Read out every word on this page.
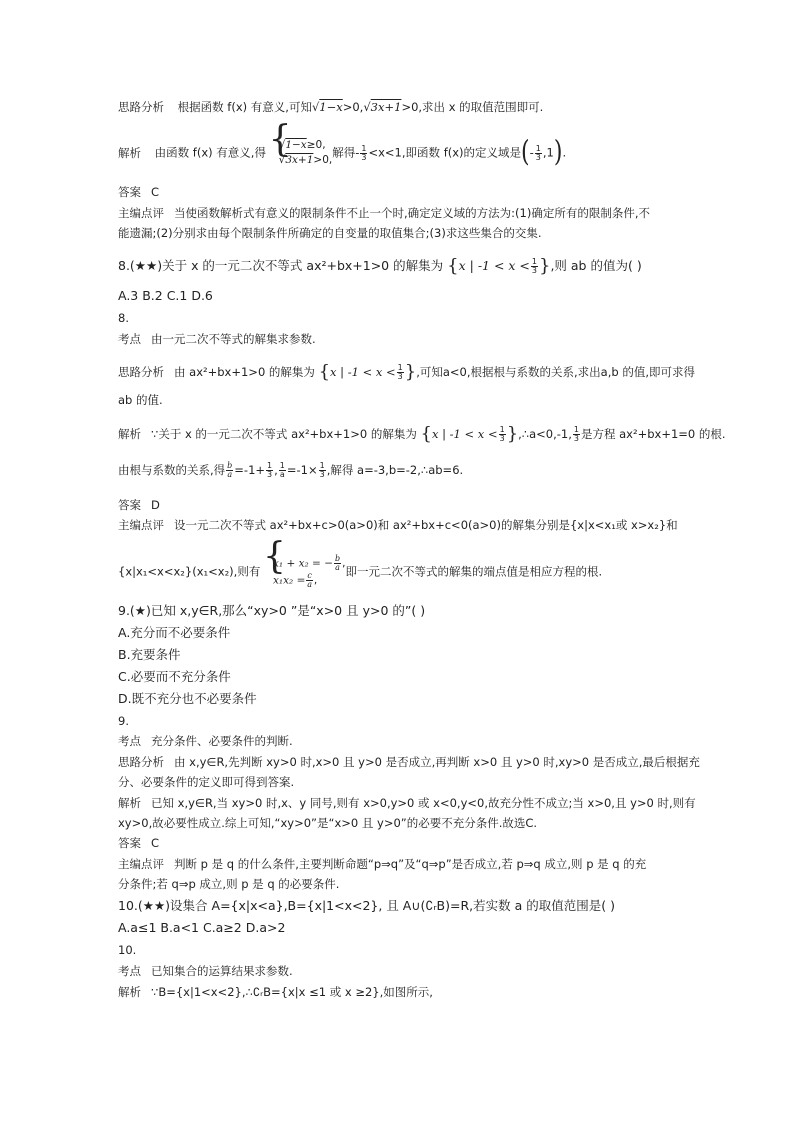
思路分析 根据函数 f(x) 有意义,可知√1−x>0,√3x+1>0,求出 x 的取值范围即可.
解析 由函数 f(x) 有意义,得
{ √1−x≥0,
√3x+1>0,
解得- $\frac{1}{3} <x<1$,即函数 f(x)的定义域是(- $\frac{1}{3} ,1$).
答案 C
主编点评 当使函数解析式有意义的限制条件不止一个时,确定定义域的方法为:(1)确定所有的限制条件,不
能遗漏;(2)分别求由每个限制条件所确定的自变量的取值集合;(3)求这些集合的交集.
8.(★★)关于 x 的一元二次不等式 ax²+bx+1>0 的解集为 {x | $-1 < x < \frac{1}{3}$ },则 ab 的值为( )
A.3 B.2 C.1 D.6
8.
考点 由一元二次不等式的解集求参数.
思路分析 由 ax²+bx+1>0 的解集为 {x | $-1 < x < \frac{1}{3}$ },可知a<0,根据根与系数的关系,求出a,b 的值,即可求得
ab 的值.
解析 ∵关于 x 的一元二次不等式 ax²+bx+1>0 的解集为 {x | $-1 < x < \frac{1}{3}$ },∴a<0,-1, $\frac{1}{3}$ 是方程 ax²+bx+1=0 的根.
由根与系数的关系,得 $\frac{b}{a} =-1+ \frac{1}{3}$ , $\frac{1}{a} =-1\times \frac{1}{3}$ ,解得 a=-3,b=-2,∴ab=6.
答案 D
主编点评 设一元二次不等式 ax²+bx+c>0(a>0)和 ax²+bx+c<0(a>0)的解集分别是{x|x<x₁或 x>x₂}和
{x|x₁<x<x₂}(x₁<x₂),则有
{ x₁ + x₂ = − $\frac{b}{a}$ ,
$x_1x_2 = \frac{c}{a}$ ,
即一元二次不等式的解集的端点值是相应方程的根.
9.(★)已知 x,y∈R,那么“xy>0 ”是“x>0 且 y>0 的”( )
A.充分而不必要条件
B.充要条件
C.必要而不充分条件
D.既不充分也不必要条件
9.
考点 充分条件、必要条件的判断.
思路分析 由 x,y∈R,先判断 xy>0 时,x>0 且 y>0 是否成立,再判断 x>0 且 y>0 时,xy>0 是否成立,最后根据充
分、必要条件的定义即可得到答案.
解析 已知 x,y∈R,当 xy>0 时,x、y 同号,则有 x>0,y>0 或 x<0,y<0,故充分性不成立;当 x>0,且 y>0 时,则有
xy>0,故必要性成立.综上可知,“xy>0”是“x>0 且 y>0”的必要不充分条件.故选C.
答案 C
主编点评 判断 p 是 q 的什么条件,主要判断命题“p⇒q”及“q⇒p”是否成立,若 p⇒q 成立,则 p 是 q 的充
分条件;若 q⇒p 成立,则 p 是 q 的必要条件.
10.(★★)设集合 A={x|x<a},B={x|1<x<2}, 且 A∪(∁ᵣB)=R,若实数 a 的取值范围是( )
A.a≤1 B.a<1 C.a≥2 D.a>2
10.
考点 已知集合的运算结果求参数.
解析 ∵B={x|1<x<2},∴∁ᵣB={x|x ≤1 或 x ≥2},如图所示,
